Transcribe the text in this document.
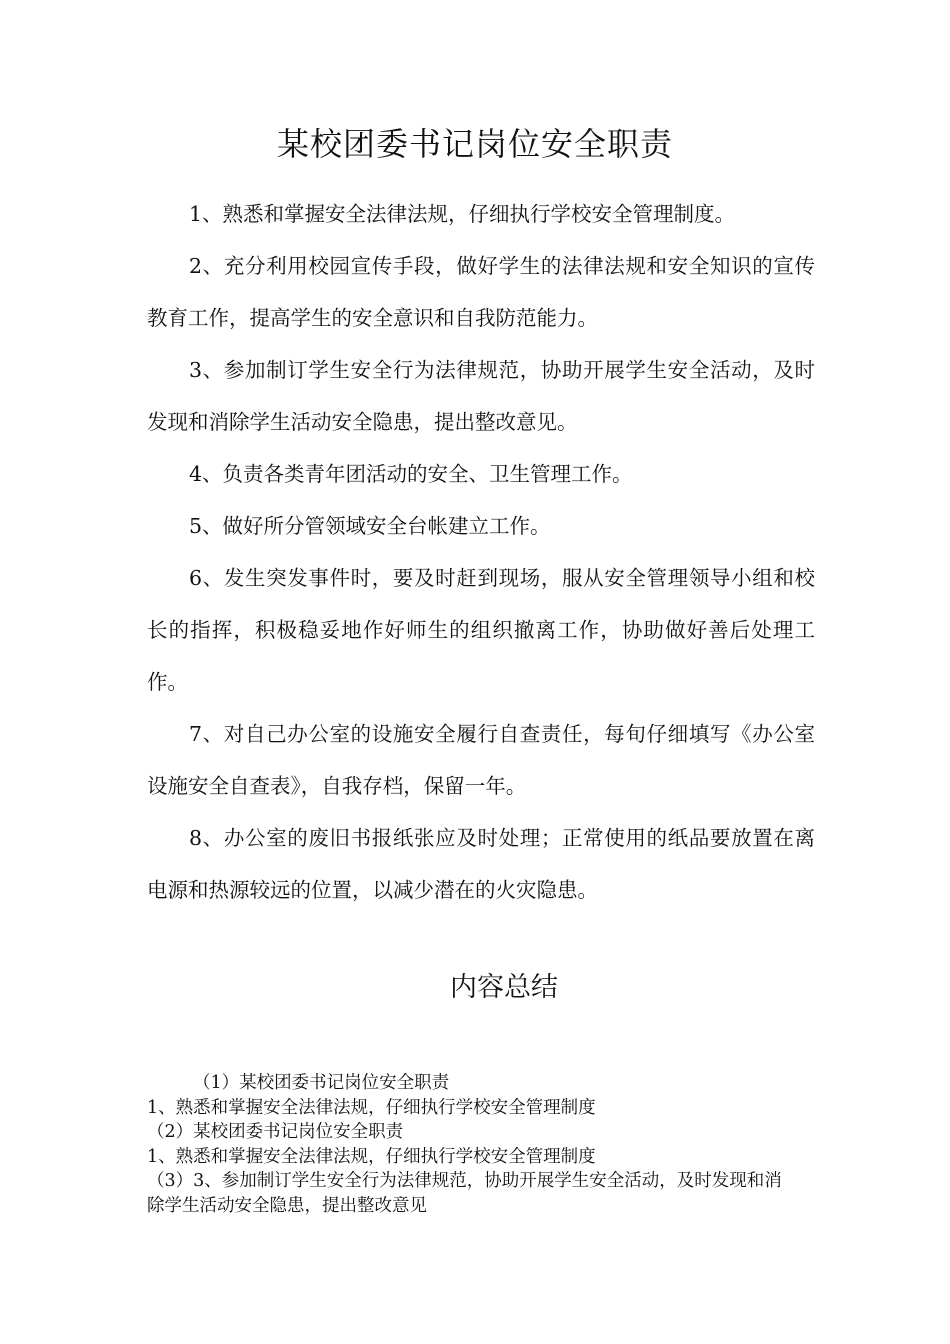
某校团委书记岗位安全职责

1、熟悉和掌握安全法律法规，仔细执行学校安全管理制度。

2、充分利用校园宣传手段，做好学生的法律法规和安全知识的宣传教育工作，提高学生的安全意识和自我防范能力。

3、参加制订学生安全行为法律规范，协助开展学生安全活动，及时发现和消除学生活动安全隐患，提出整改意见。

4、负责各类青年团活动的安全、卫生管理工作。

5、做好所分管领域安全台帐建立工作。

6、发生突发事件时，要及时赶到现场，服从安全管理领导小组和校长的指挥，积极稳妥地作好师生的组织撤离工作，协助做好善后处理工作。

7、对自己办公室的设施安全履行自查责任，每旬仔细填写《办公室设施安全自查表》，自我存档，保留一年。

8、办公室的废旧书报纸张应及时处理；正常使用的纸品要放置在离电源和热源较远的位置，以减少潜在的火灾隐患。

内容总结

（1）某校团委书记岗位安全职责

1、熟悉和掌握安全法律法规，仔细执行学校安全管理制度

（2）某校团委书记岗位安全职责

1、熟悉和掌握安全法律法规，仔细执行学校安全管理制度

（3）3、参加制订学生安全行为法律规范，协助开展学生安全活动，及时发现和消除学生活动安全隐患，提出整改意见
